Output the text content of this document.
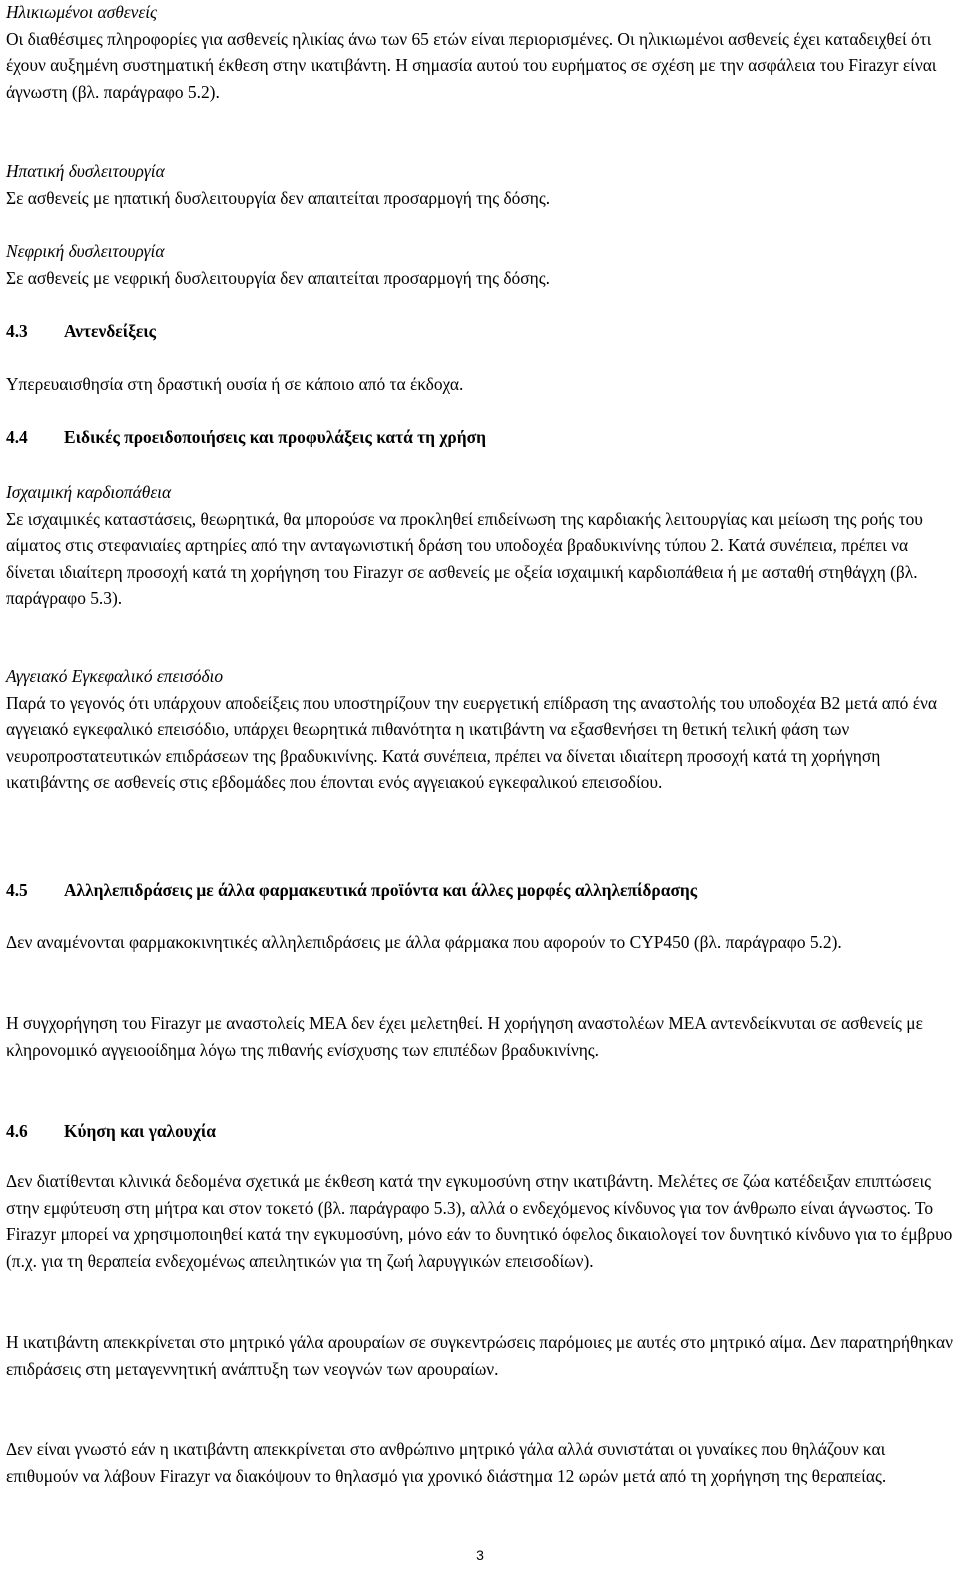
Ηλικιωμένοι ασθενείς

Οι διαθέσιμες πληροφορίες για ασθενείς ηλικίας άνω των 65 ετών είναι περιορισμένες. Οι ηλικιωμένοι ασθενείς έχει καταδειχθεί ότι έχουν αυξημένη συστηματική έκθεση στην ικατιβάντη. Η σημασία αυτού του ευρήματος σε σχέση με την ασφάλεια του Firazyr είναι άγνωστη (βλ. παράγραφο 5.2).

Ηπατική δυσλειτουργία

Σε ασθενείς με ηπατική δυσλειτουργία δεν απαιτείται προσαρμογή της δόσης.

Νεφρική δυσλειτουργία

Σε ασθενείς με νεφρική δυσλειτουργία δεν απαιτείται προσαρμογή της δόσης.

4.3 Αντενδείξεις

Υπερευαισθησία στη δραστική ουσία ή σε κάποιο από τα έκδοχα.

4.4 Ειδικές προειδοποιήσεις και προφυλάξεις κατά τη χρήση

Ισχαιμική καρδιοπάθεια

Σε ισχαιμικές καταστάσεις, θεωρητικά, θα μπορούσε να προκληθεί επιδείνωση της καρδιακής λειτουργίας και μείωση της ροής του αίματος στις στεφανιαίες αρτηρίες από την ανταγωνιστική δράση του υποδοχέα βραδυκινίνης τύπου 2. Κατά συνέπεια, πρέπει να δίνεται ιδιαίτερη προσοχή κατά τη χορήγηση του Firazyr σε ασθενείς με οξεία ισχαιμική καρδιοπάθεια ή με ασταθή στηθάγχη (βλ. παράγραφο 5.3).

Αγγειακό Εγκεφαλικό επεισόδιο

Παρά το γεγονός ότι υπάρχουν αποδείξεις που υποστηρίζουν την ευεργετική επίδραση της αναστολής του υποδοχέα B2 μετά από ένα αγγειακό εγκεφαλικό επεισόδιο, υπάρχει θεωρητικά πιθανότητα η ικατιβάντη να εξασθενήσει τη θετική τελική φάση των νευροπροστατευτικών επιδράσεων της βραδυκινίνης. Κατά συνέπεια, πρέπει να δίνεται ιδιαίτερη προσοχή κατά τη χορήγηση ικατιβάντης σε ασθενείς στις εβδομάδες που έπονται ενός αγγειακού εγκεφαλικού επεισοδίου.

4.5 Αλληλεπιδράσεις με άλλα φαρμακευτικά προϊόντα και άλλες μορφές αλληλεπίδρασης

Δεν αναμένονται φαρμακοκινητικές αλληλεπιδράσεις με άλλα φάρμακα που αφορούν το CYP450 (βλ. παράγραφο 5.2).

Η συγχορήγηση του Firazyr με αναστολείς ΜΕΑ δεν έχει μελετηθεί. Η χορήγηση αναστολέων ΜΕΑ αντενδείκνυται σε ασθενείς με κληρονομικό αγγειοοίδημα λόγω της πιθανής ενίσχυσης των επιπέδων βραδυκινίνης.

4.6 Κύηση και γαλουχία

Δεν διατίθενται κλινικά δεδομένα σχετικά με έκθεση κατά την εγκυμοσύνη στην ικατιβάντη. Μελέτες σε ζώα κατέδειξαν επιπτώσεις στην εμφύτευση στη μήτρα και στον τοκετό (βλ. παράγραφο 5.3), αλλά ο ενδεχόμενος κίνδυνος για τον άνθρωπο είναι άγνωστος. Το Firazyr μπορεί να χρησιμοποιηθεί κατά την εγκυμοσύνη, μόνο εάν το δυνητικό όφελος δικαιολογεί τον δυνητικό κίνδυνο για το έμβρυο (π.χ. για τη θεραπεία ενδεχομένως απειλητικών για τη ζωή λαρυγγικών επεισοδίων).

Η ικατιβάντη απεκκρίνεται στο μητρικό γάλα αρουραίων σε συγκεντρώσεις παρόμοιες με αυτές στο μητρικό αίμα. Δεν παρατηρήθηκαν επιδράσεις στη μεταγεννητική ανάπτυξη των νεογνών των αρουραίων.

Δεν είναι γνωστό εάν η ικατιβάντη απεκκρίνεται στο ανθρώπινο μητρικό γάλα αλλά συνιστάται οι γυναίκες που θηλάζουν και επιθυμούν να λάβουν Firazyr να διακόψουν το θηλασμό για χρονικό διάστημα 12 ωρών μετά από τη χορήγηση της θεραπείας.

3
